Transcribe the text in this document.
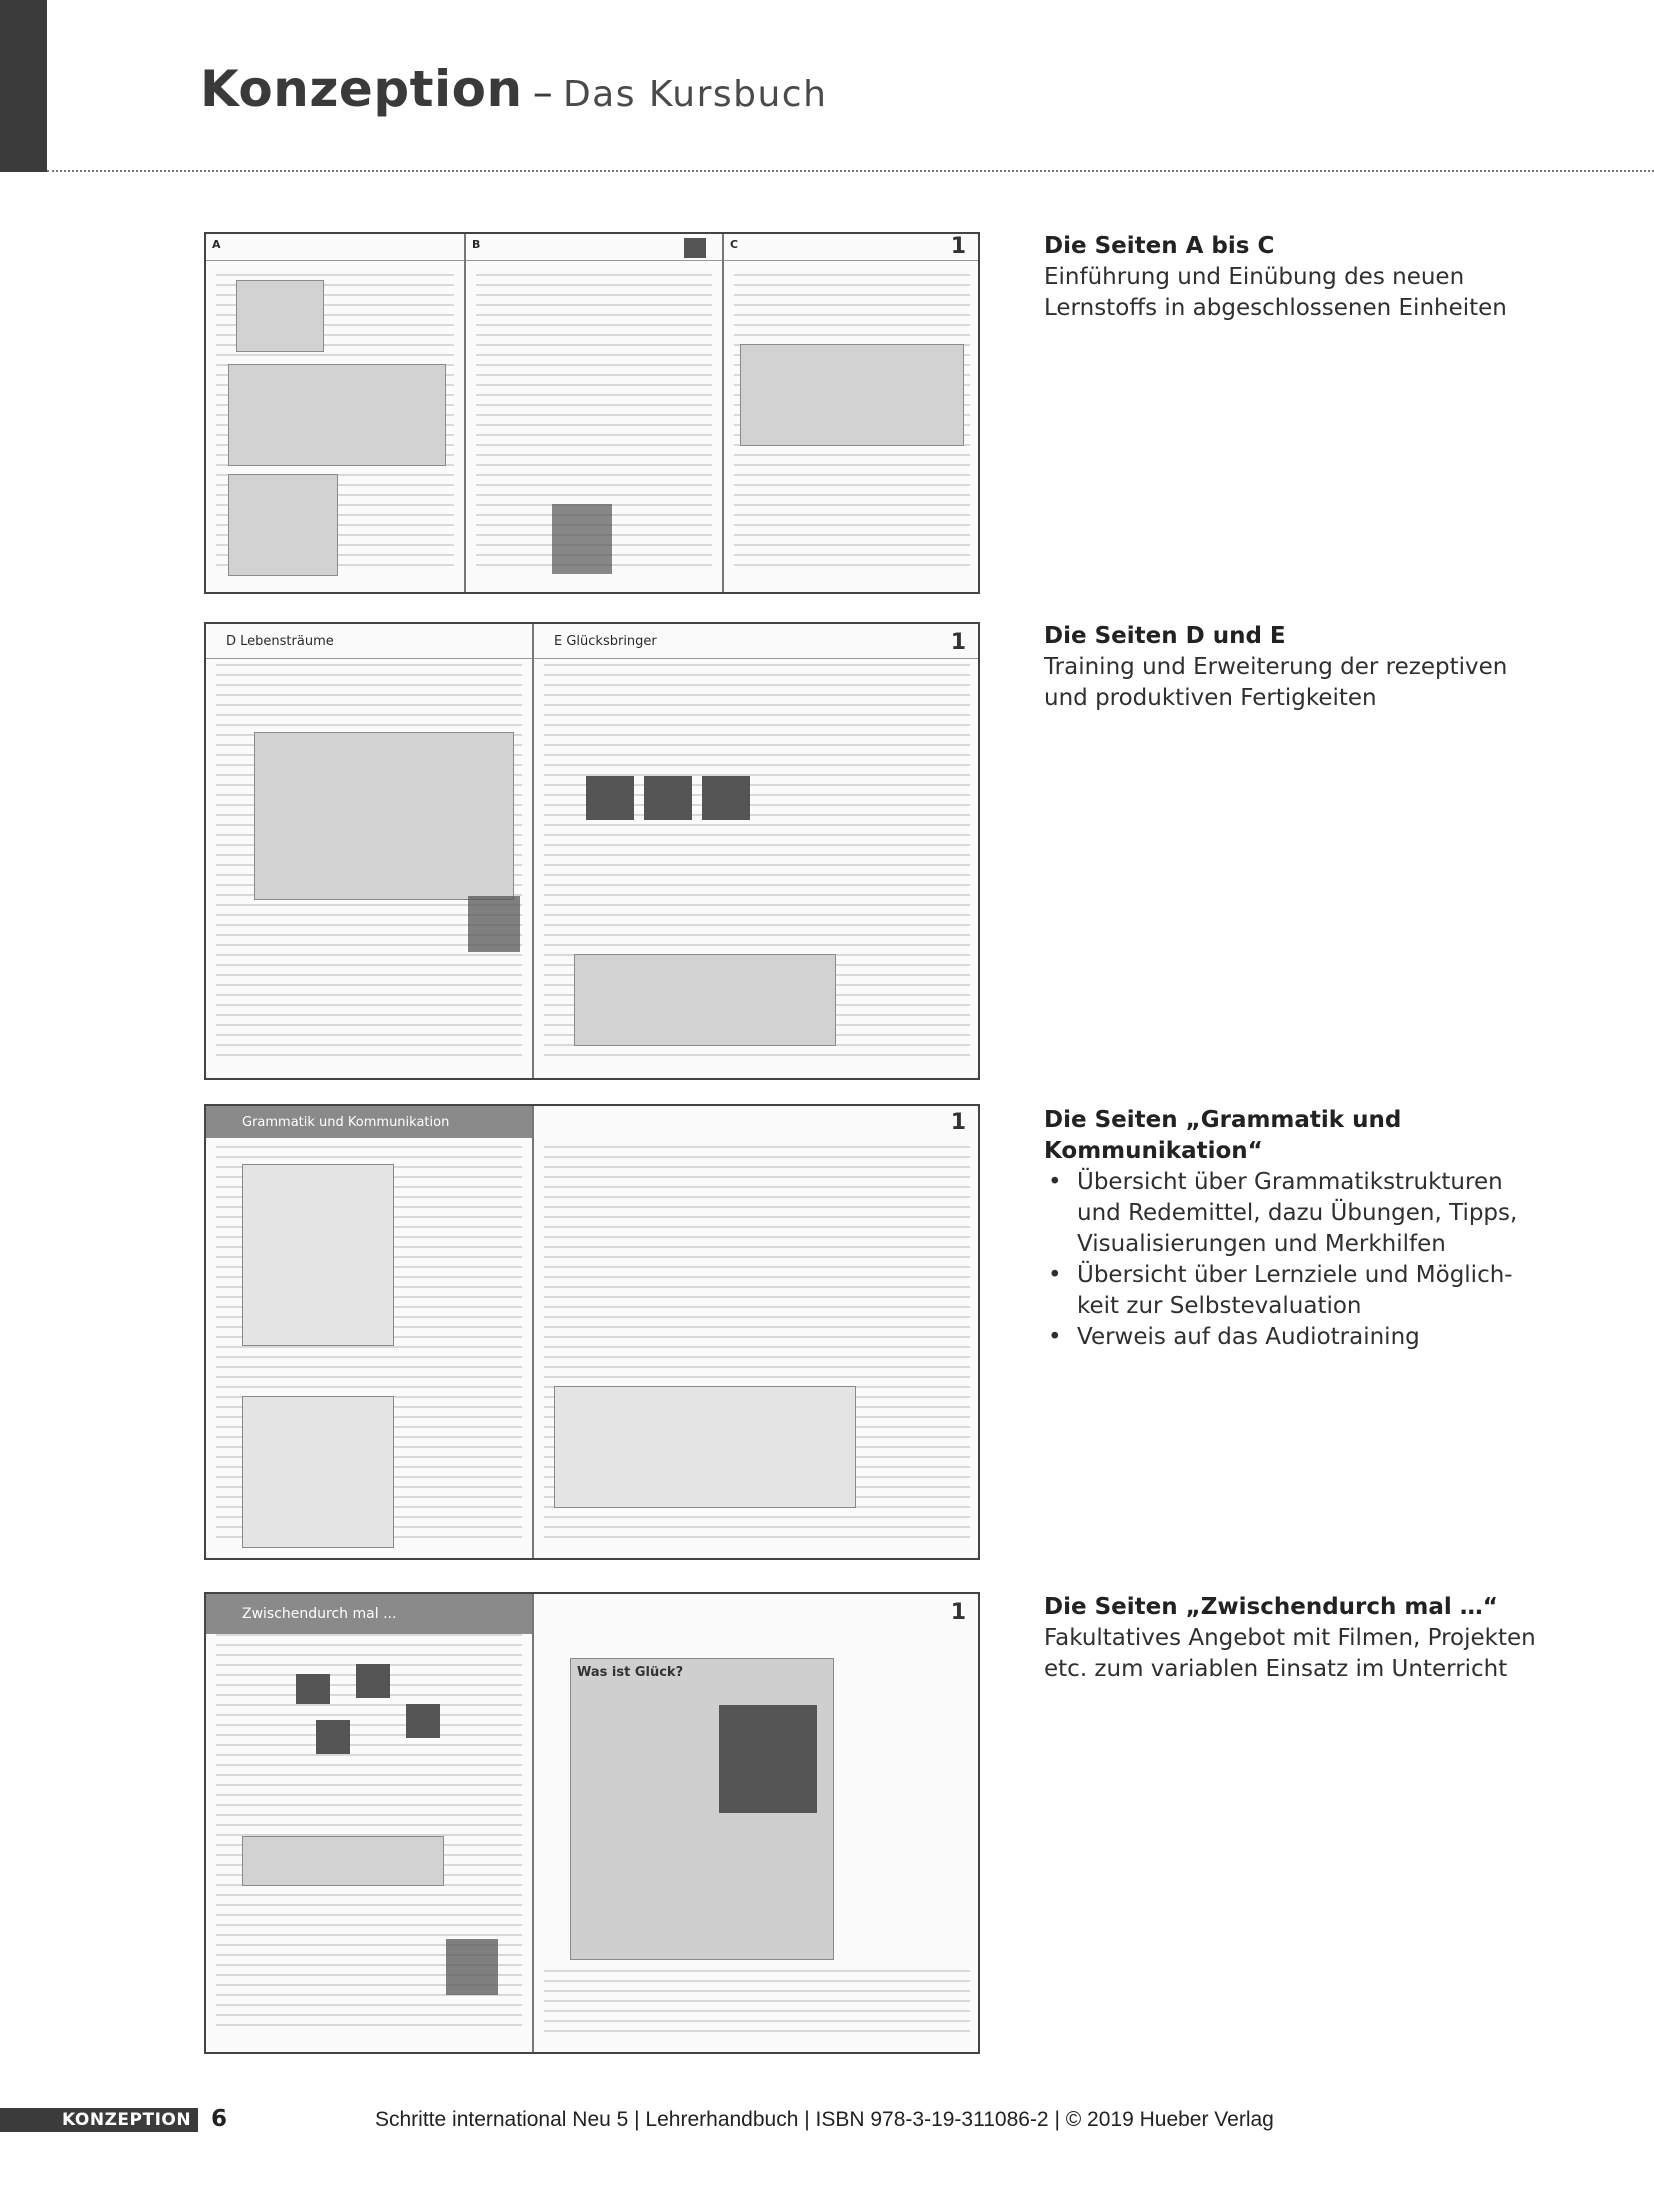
Konzeption – Das Kursbuch
A	B	C	1	Die Seiten A bis C

Einführung und Einübung des neuen

Lernstoffs in abgeschlossenen Einheiten

D Lebensträume	E Glücksbringer	1	Die Seiten D und E

Training und Erweiterung der rezeptiven

und produktiven Fertigkeiten

Grammatik und Kommunikation	1	Die Seiten „Grammatik und
Kommunikation“
• Übersicht über Grammatikstrukturen
und Redemittel, dazu Übungen, Tipps,
Visualisierungen und Merkhilfen
• Übersicht über Lernziele und Möglich-
keit zur Selbstevaluation
• Verweis auf das Audiotraining
Zwischendurch mal ...	1
Was ist Glück?
Die Seiten „Zwischendurch mal …“

Fakultatives Angebot mit Filmen, Projekten

etc. zum variablen Einsatz im Unterricht

KONZEPTION 6	Schritte international Neu 5 | Lehrerhandbuch | ISBN 978-3-19-311086-2 | © 2019 Hueber Verlag
